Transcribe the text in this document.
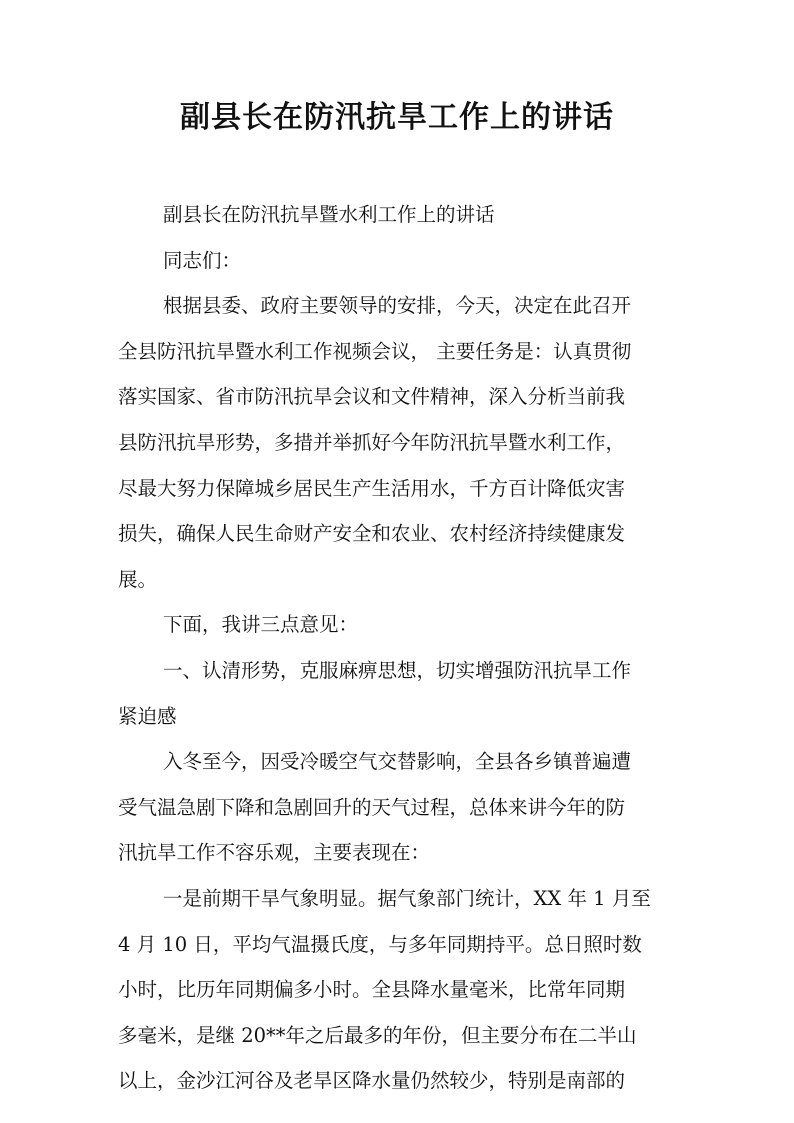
副县长在防汛抗旱工作上的讲话
副县长在防汛抗旱暨水利工作上的讲话
同志们：
根据县委、政府主要领导的安排，今天，决定在此召开
全县防汛抗旱暨水利工作视频会议， 主要任务是：认真贯彻
落实国家、省市防汛抗旱会议和文件精神，深入分析当前我
县防汛抗旱形势，多措并举抓好今年防汛抗旱暨水利工作，
尽最大努力保障城乡居民生产生活用水，千方百计降低灾害
损失，确保人民生命财产安全和农业、农村经济持续健康发
展。
下面，我讲三点意见：
一、认清形势，克服麻痹思想，切实增强防汛抗旱工作
紧迫感
入冬至今，因受冷暖空气交替影响，全县各乡镇普遍遭
受气温急剧下降和急剧回升的天气过程，总体来讲今年的防
汛抗旱工作不容乐观，主要表现在：
一是前期干旱气象明显。据气象部门统计，XX 年 1 月至
4 月 10 日，平均气温摄氏度，与多年同期持平。总日照时数
小时，比历年同期偏多小时。全县降水量毫米，比常年同期
多毫米，是继 20**年之后最多的年份，但主要分布在二半山
以上，金沙江河谷及老旱区降水量仍然较少，特别是南部的
